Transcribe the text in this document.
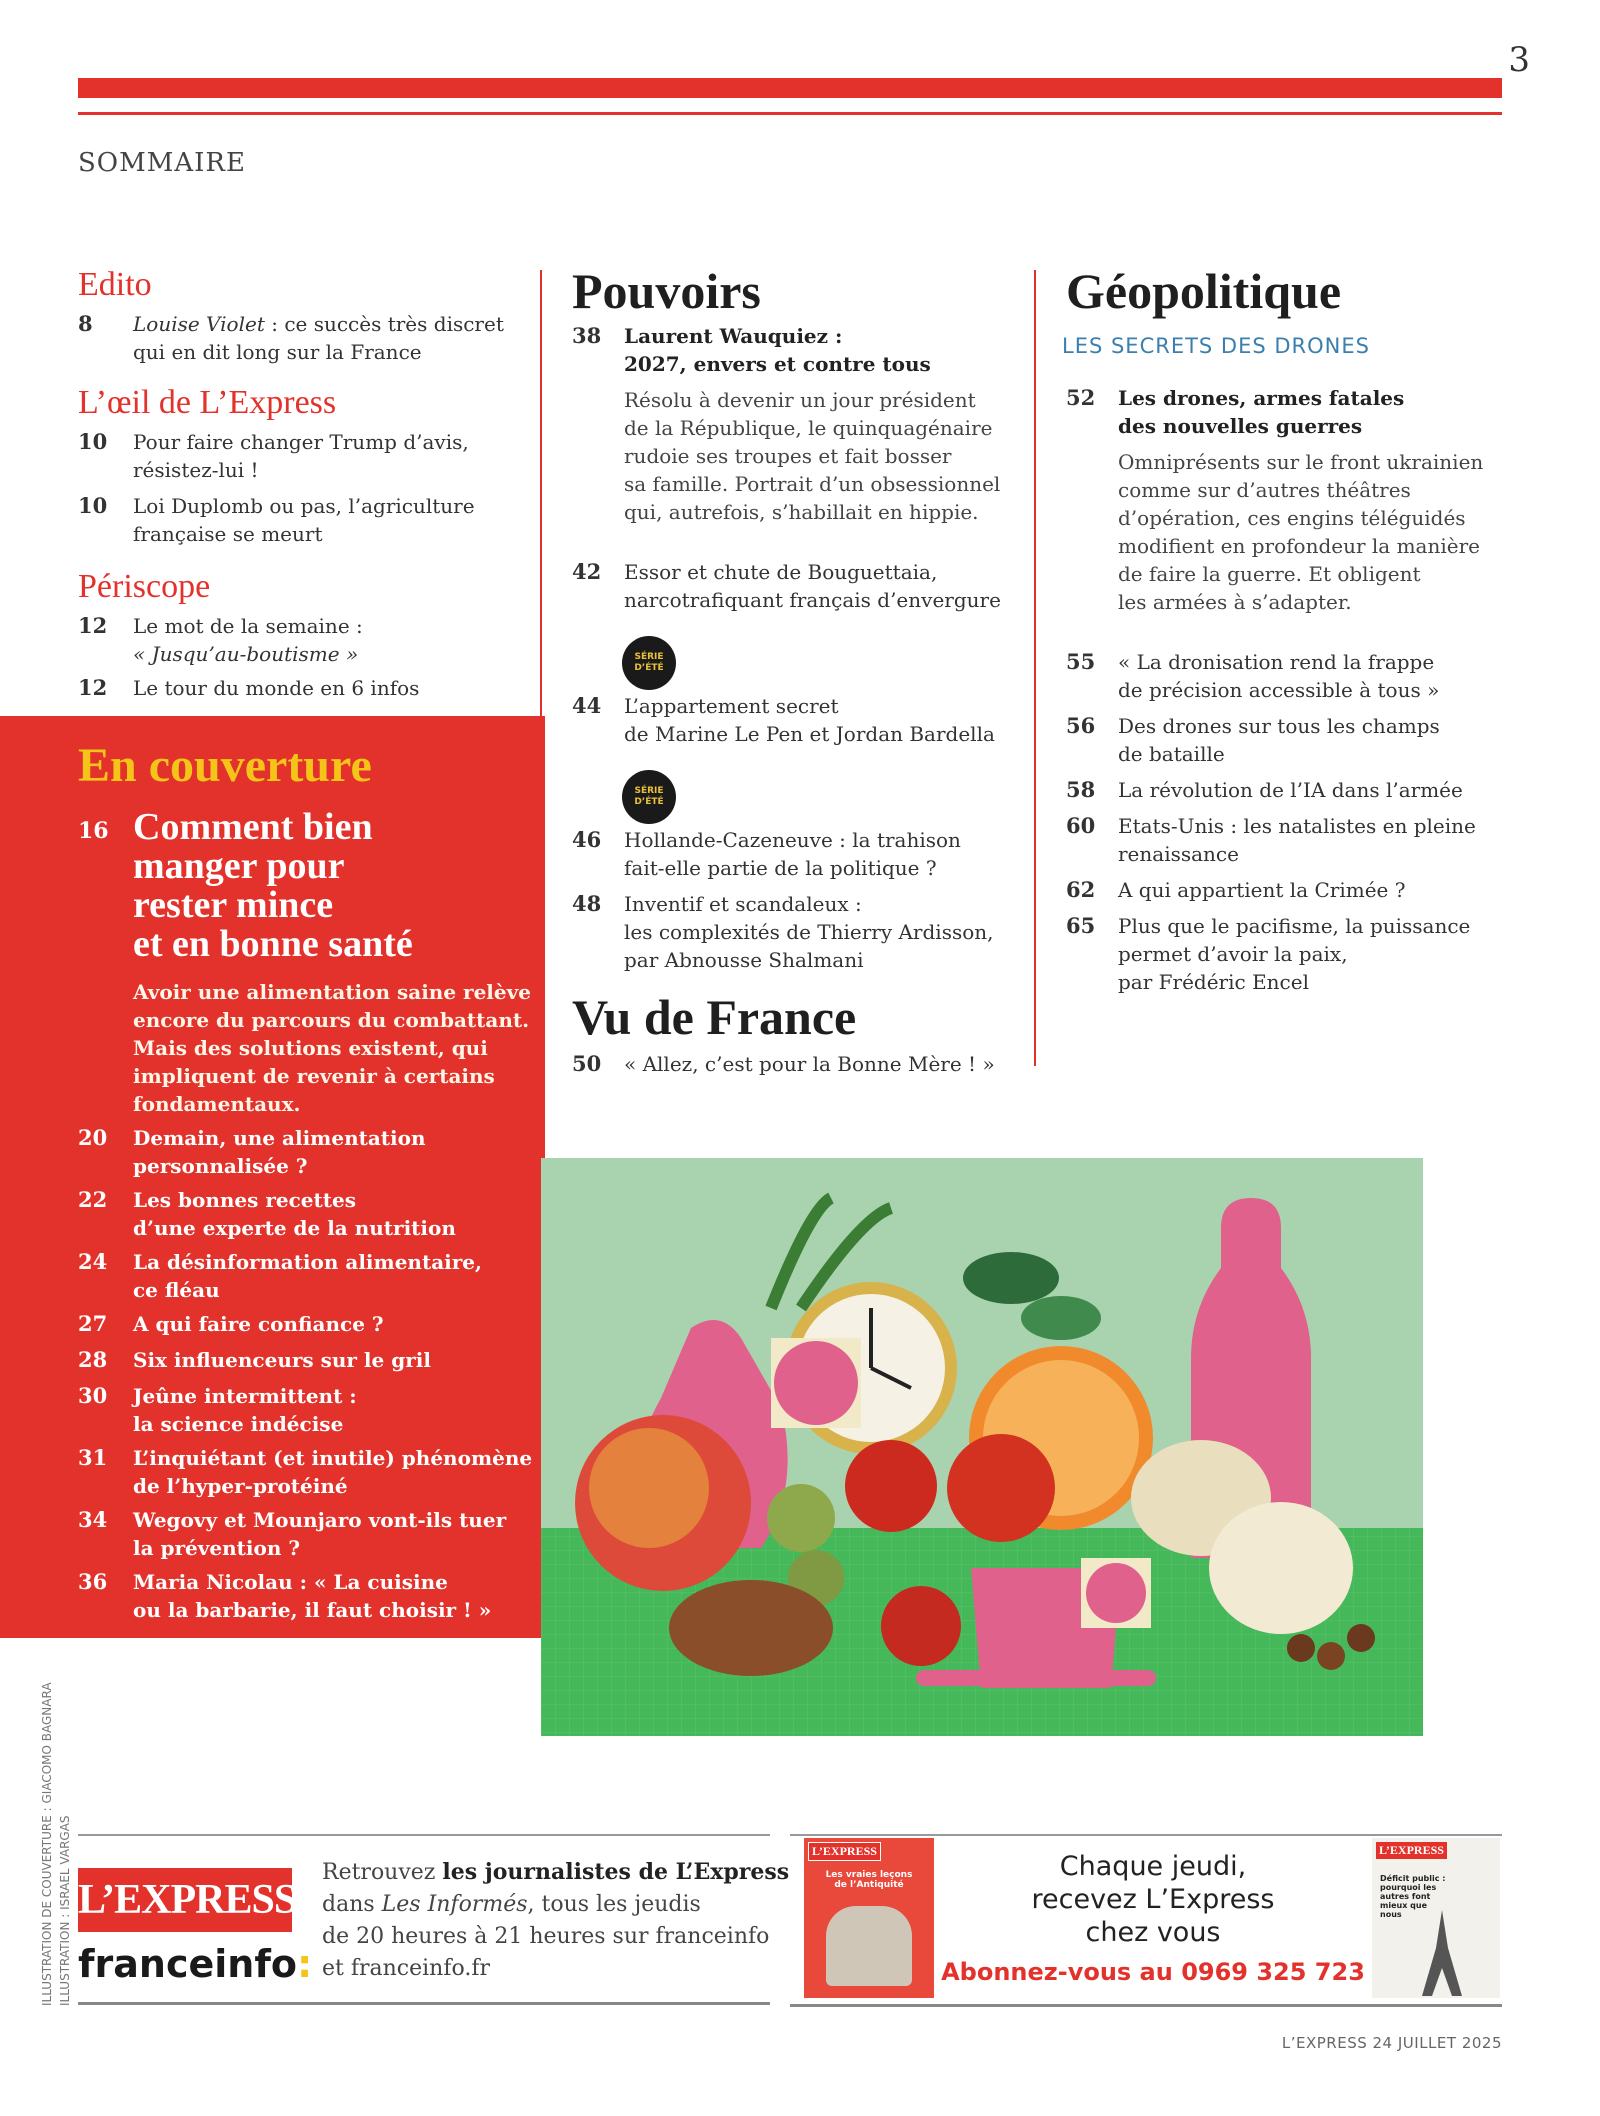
3
SOMMAIRE
Edito
8 Louise Violet : ce succès très discret
qui en dit long sur la France
L’œil de L’Express
10 Pour faire changer Trump d’avis,
résistez-lui !
10 Loi Duplomb ou pas, l’agriculture
française se meurt
Périscope
12 Le mot de la semaine :
« Jusqu’au-boutisme »
12 Le tour du monde en 6 infos
En couverture
16 Comment bien
manger pour
rester mince
et en bonne santé
Avoir une alimentation saine relève
encore du parcours du combattant.
Mais des solutions existent, qui
impliquent de revenir à certains
fondamentaux.
20 Demain, une alimentation
personnalisée ?
22 Les bonnes recettes
d’une experte de la nutrition
24 La désinformation alimentaire,
ce fléau
27 A qui faire confiance ?
28 Six influenceurs sur le gril
30 Jeûne intermittent :
la science indécise
31 L’inquiétant (et inutile) phénomène
de l’hyper-protéiné
34 Wegovy et Mounjaro vont-ils tuer
la prévention ?
36 Maria Nicolau : « La cuisine
ou la barbarie, il faut choisir ! »
Pouvoirs
38 Laurent Wauquiez :
2027, envers et contre tous
Résolu à devenir un jour président
de la République, le quinquagénaire
rudoie ses troupes et fait bosser
sa famille. Portrait d’un obsessionnel
qui, autrefois, s’habillait en hippie.
42 Essor et chute de Bouguettaia,
narcotrafiquant français d’envergure
SÉRIE D’ÉTÉ
44 L’appartement secret
de Marine Le Pen et Jordan Bardella
SÉRIE D’ÉTÉ
46 Hollande-Cazeneuve : la trahison
fait-elle partie de la politique ?
48 Inventif et scandaleux :
les complexités de Thierry Ardisson,
par Abnousse Shalmani
Vu de France
50 « Allez, c’est pour la Bonne Mère ! »
Géopolitique
LES SECRETS DES DRONES
52 Les drones, armes fatales
des nouvelles guerres
Omniprésents sur le front ukrainien
comme sur d’autres théâtres
d’opération, ces engins téléguidés
modifient en profondeur la manière
de faire la guerre. Et obligent
les armées à s’adapter.
55 « La dronisation rend la frappe
de précision accessible à tous »
56 Des drones sur tous les champs
de bataille
58 La révolution de l’IA dans l’armée
60 Etats-Unis : les natalistes en pleine
renaissance
62 A qui appartient la Crimée ?
65 Plus que le pacifisme, la puissance
permet d’avoir la paix,
par Frédéric Encel
ILLUSTRATION DE COUVERTURE : GIACOMO BAGNARA ILLUSTRATION : ISRAEL VARGAS L’EXPRESS
franceinfo:
Retrouvez les journalistes de L’Express
dans Les Informés, tous les jeudis
de 20 heures à 21 heures sur franceinfo
et franceinfo.fr
L’EXPRESS
Les vraies leçons de l’Antiquité
Chaque jeudi,
recevez L’Express
chez vous
Abonnez-vous au 0969 325 723
L’EXPRESS
Déficit public : pourquoi les autres font mieux que nous
L’EXPRESS 24 JUILLET 2025
